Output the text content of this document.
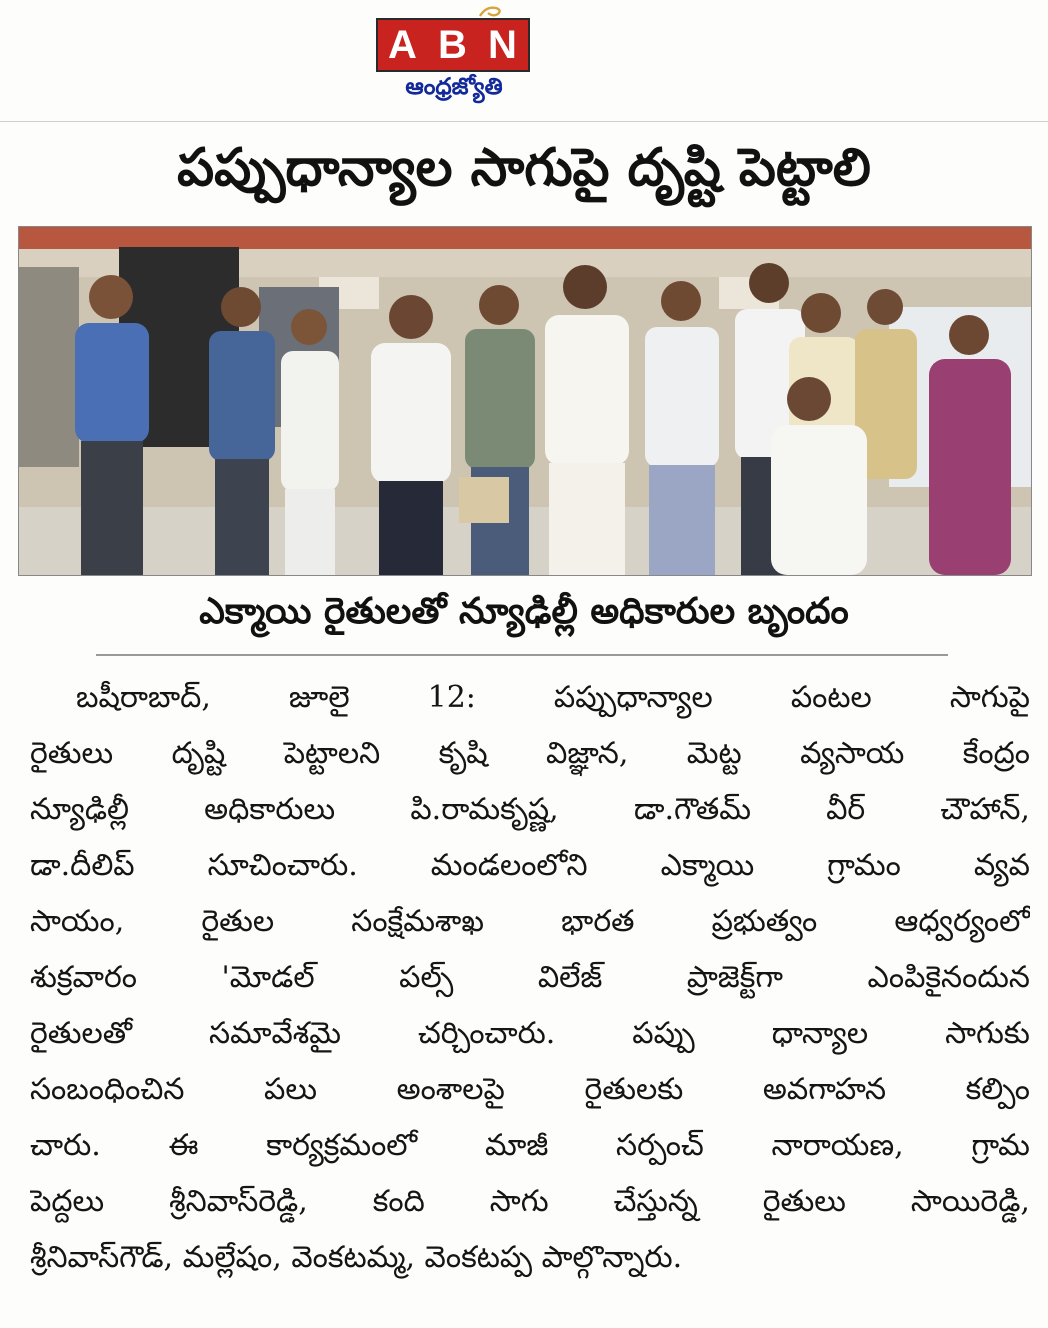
A B N
ఆంధ్రజ్యోతి
పప్పుధాన్యాల సాగుపై దృష్టి పెట్టాలి
ఎక్మాయి రైతులతో న్యూఢిల్లీ అధికారుల బృందం
బషీరాబాద్,	జూలై	12:	పప్పుధాన్యాల	పంటల	సాగుపై
రైతులు దృష్టి పెట్టాలని కృషి విజ్ఞాన, మెట్ట వ్యసాయ కేంద్రం
న్యూఢిల్లీ	అధికారులు	పి.రామకృష్ణ,	డా.గౌతమ్	వీర్	చౌహాన్,
డా.దీలిప్ సూచించారు. మండలంలోని ఎక్మాయి గ్రామం వ్యవ
సాయం,	రైతుల	సంక్షేమశాఖ	భారత	ప్రభుత్వం	ఆధ్వర్యంలో
శుక్రవారం	'మోడల్	పల్స్	విలేజ్	ప్రాజెక్ట్‌గా	ఎంపికైనందున
రైతులతో	సమావేశమై	చర్చించారు.	పప్పు	ధాన్యాల	సాగుకు
సంబంధించిన	పలు	అంశాలపై	రైతులకు	అవగాహన	కల్పిం
చారు. ఈ కార్యక్రమంలో మాజీ సర్పంచ్ నారాయణ, గ్రామ
పెద్దలు శ్రీనివాస్‌రెడ్డి, కంది సాగు చేస్తున్న రైతులు సాయిరెడ్డి,
శ్రీనివాస్‌గౌడ్, మల్లేషం, వెంకటమ్మ, వెంకటప్ప పాల్గొన్నారు.
